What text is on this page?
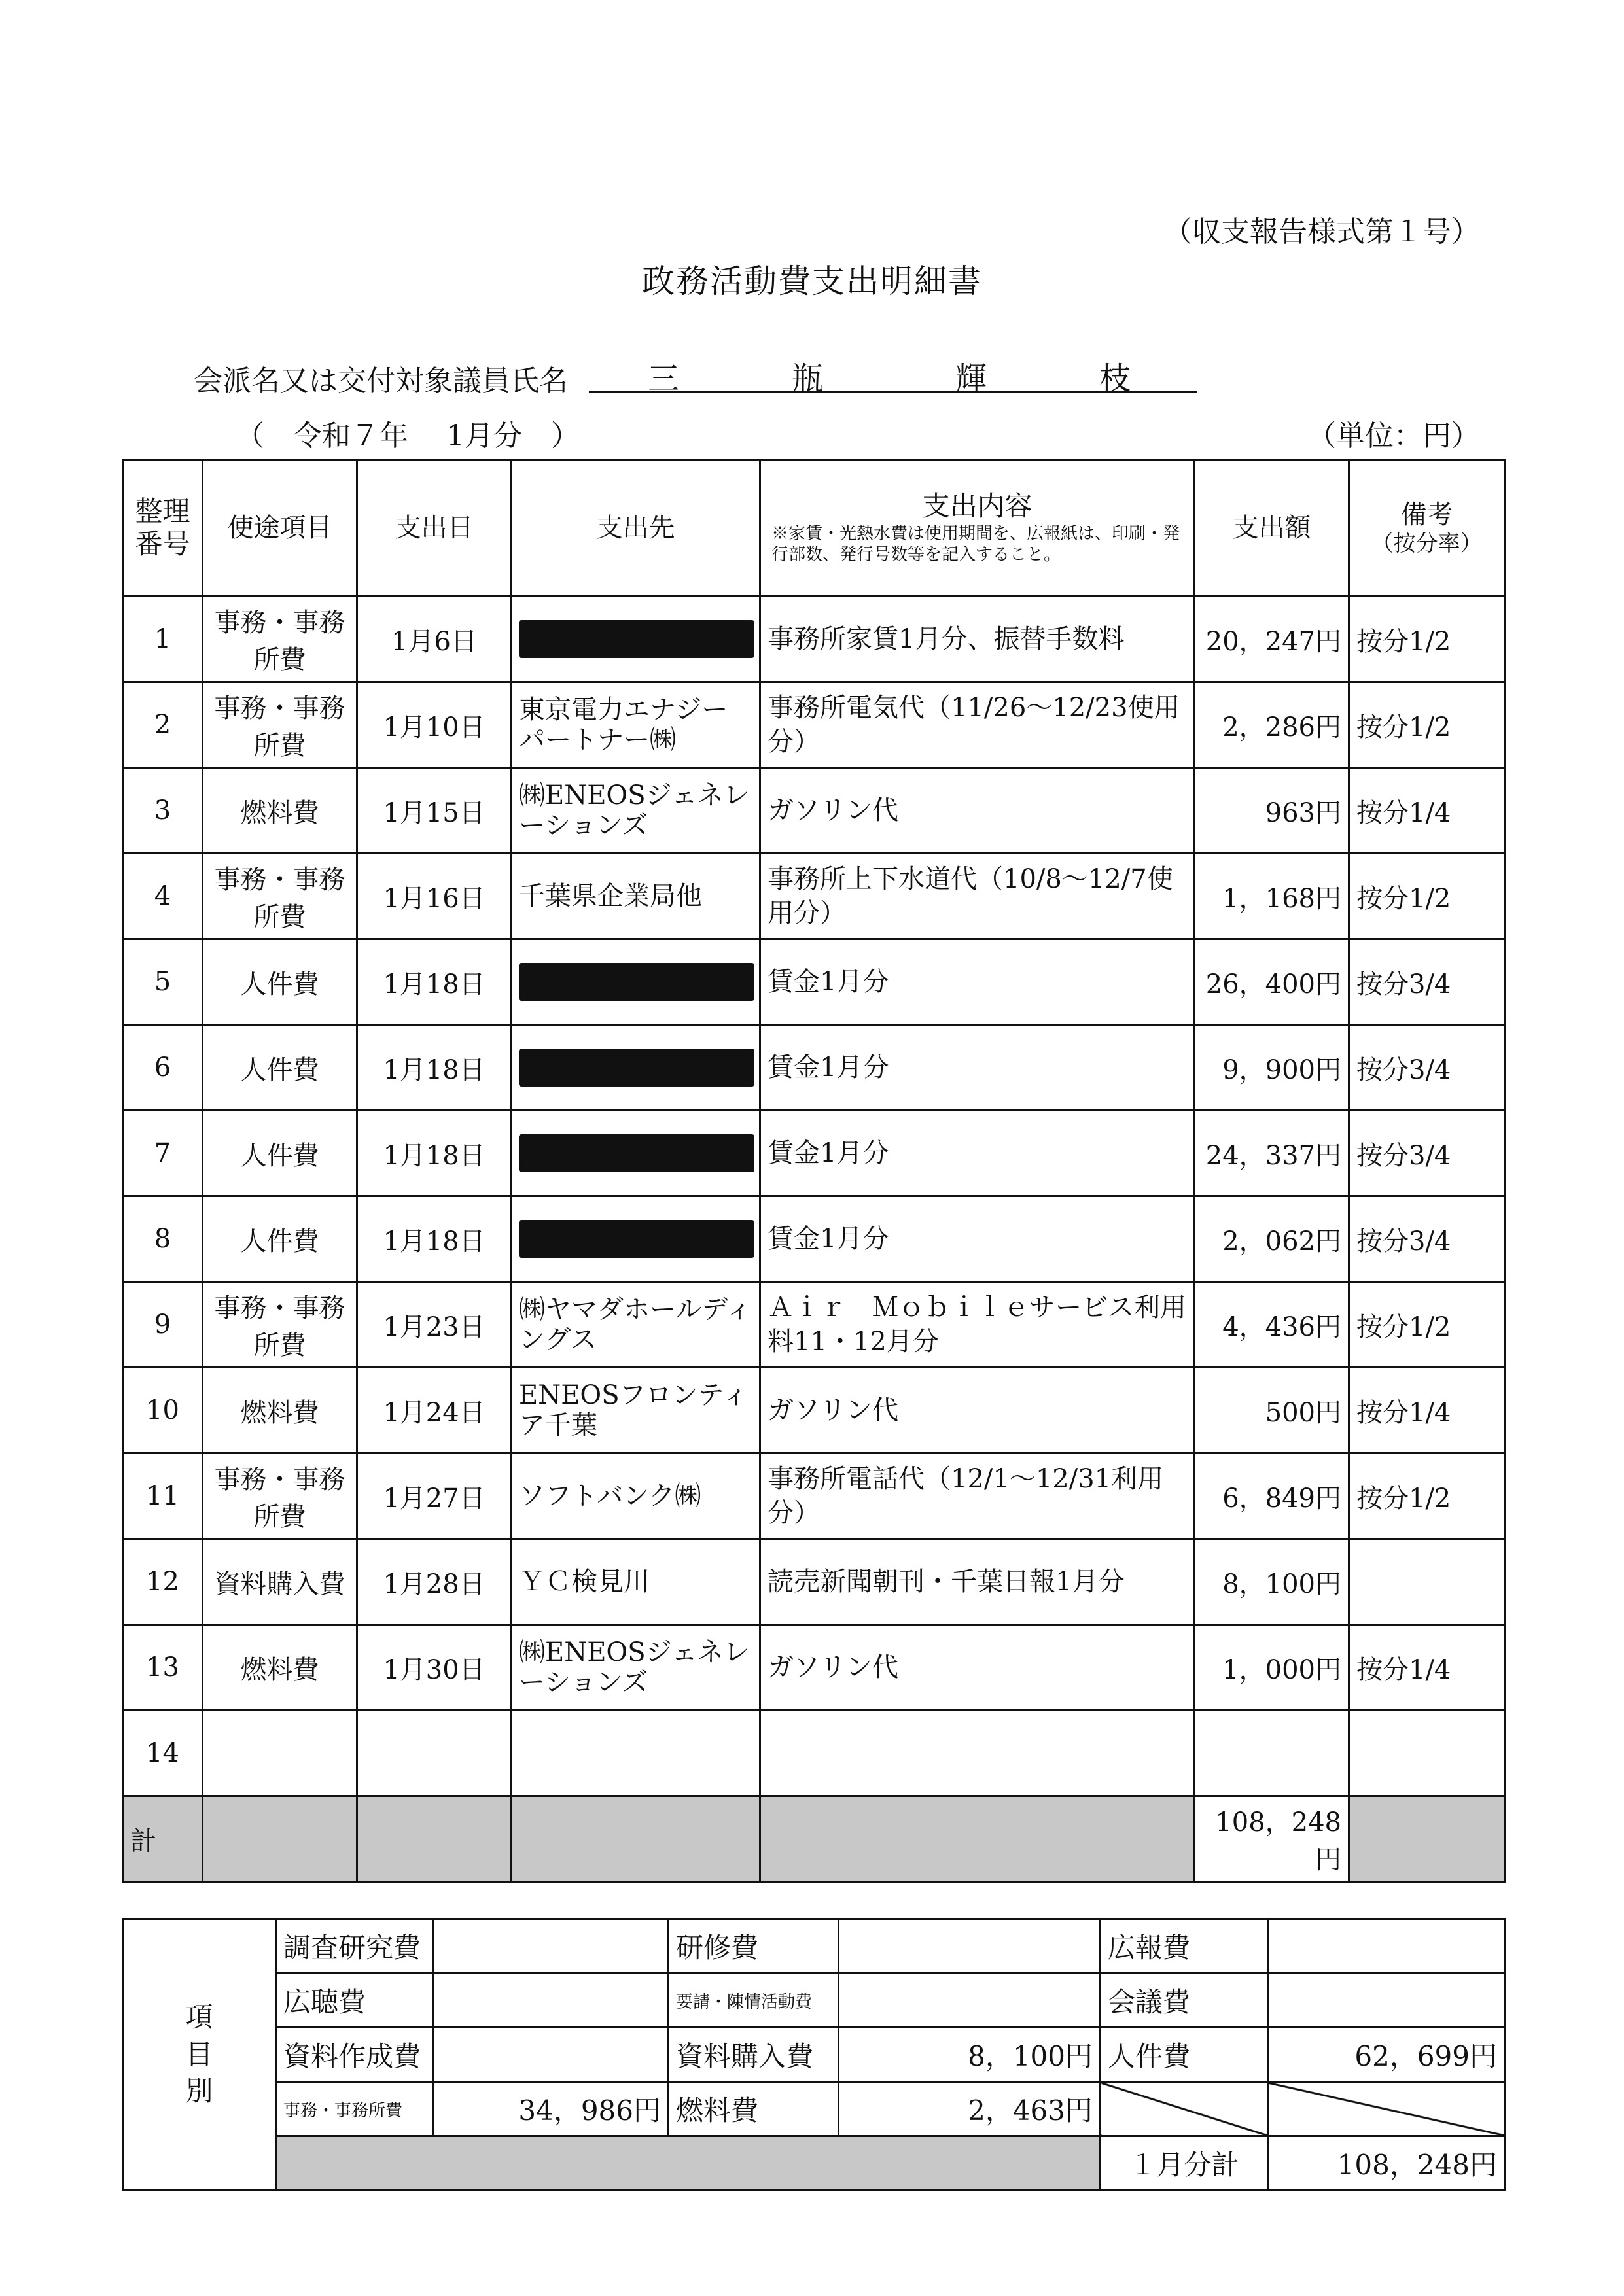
（収支報告様式第１号）
政務活動費支出明細書
会派名又は交付対象議員氏名	三	瓶	輝	枝
（　令和７年　 1月分　）	（単位：円）
整理番号	使途項目	支出日	支出先	支出内容
※家賃・光熱水費は使用期間を、広報紙は、印刷・発行部数、発行号数等を記入すること。	支出額	備考
（按分率）

1	事務・事務所費	1月6日		事務所家賃1月分、振替手数料	20，247円	按分1/2
2	事務・事務所費	1月10日	東京電力エナジーパートナー㈱	事務所電気代（11/26〜12/23使用分）	2，286円	按分1/2
3	燃料費	1月15日	㈱ENEOSジェネレーションズ	ガソリン代	963円	按分1/4
4	事務・事務所費	1月16日	千葉県企業局他	事務所上下水道代（10/8〜12/7使用分）	1，168円	按分1/2
5	人件費	1月18日		賃金1月分	26，400円	按分3/4
6	人件費	1月18日		賃金1月分	9，900円	按分3/4
7	人件費	1月18日		賃金1月分	24，337円	按分3/4
8	人件費	1月18日		賃金1月分	2，062円	按分3/4
9	事務・事務所費	1月23日	㈱ヤマダホールディングス	Ａｉｒ　Ｍｏｂｉｌｅサービス利用料11・12月分	4，436円	按分1/2
10	燃料費	1月24日	ENEOSフロンティア千葉	ガソリン代	500円	按分1/4
11	事務・事務所費	1月27日	ソフトバンク㈱	事務所電話代（12/1〜12/31利用分）	6，849円	按分1/2
12	資料購入費	1月28日	ＹＣ検見川	読売新聞朝刊・千葉日報1月分	8，100円	
13	燃料費	1月30日	㈱ENEOSジェネレーションズ	ガソリン代	1，000円	按分1/4
14						
計					108，248円	
項
目
別	調査研究費		研修費		広報費	
	広聴費		要請・陳情活動費		会議費	
	資料作成費		資料購入費	8，100円	人件費	62，699円
	事務・事務所費	34，986円	燃料費	2，463円		
					１月分計	108，248円
